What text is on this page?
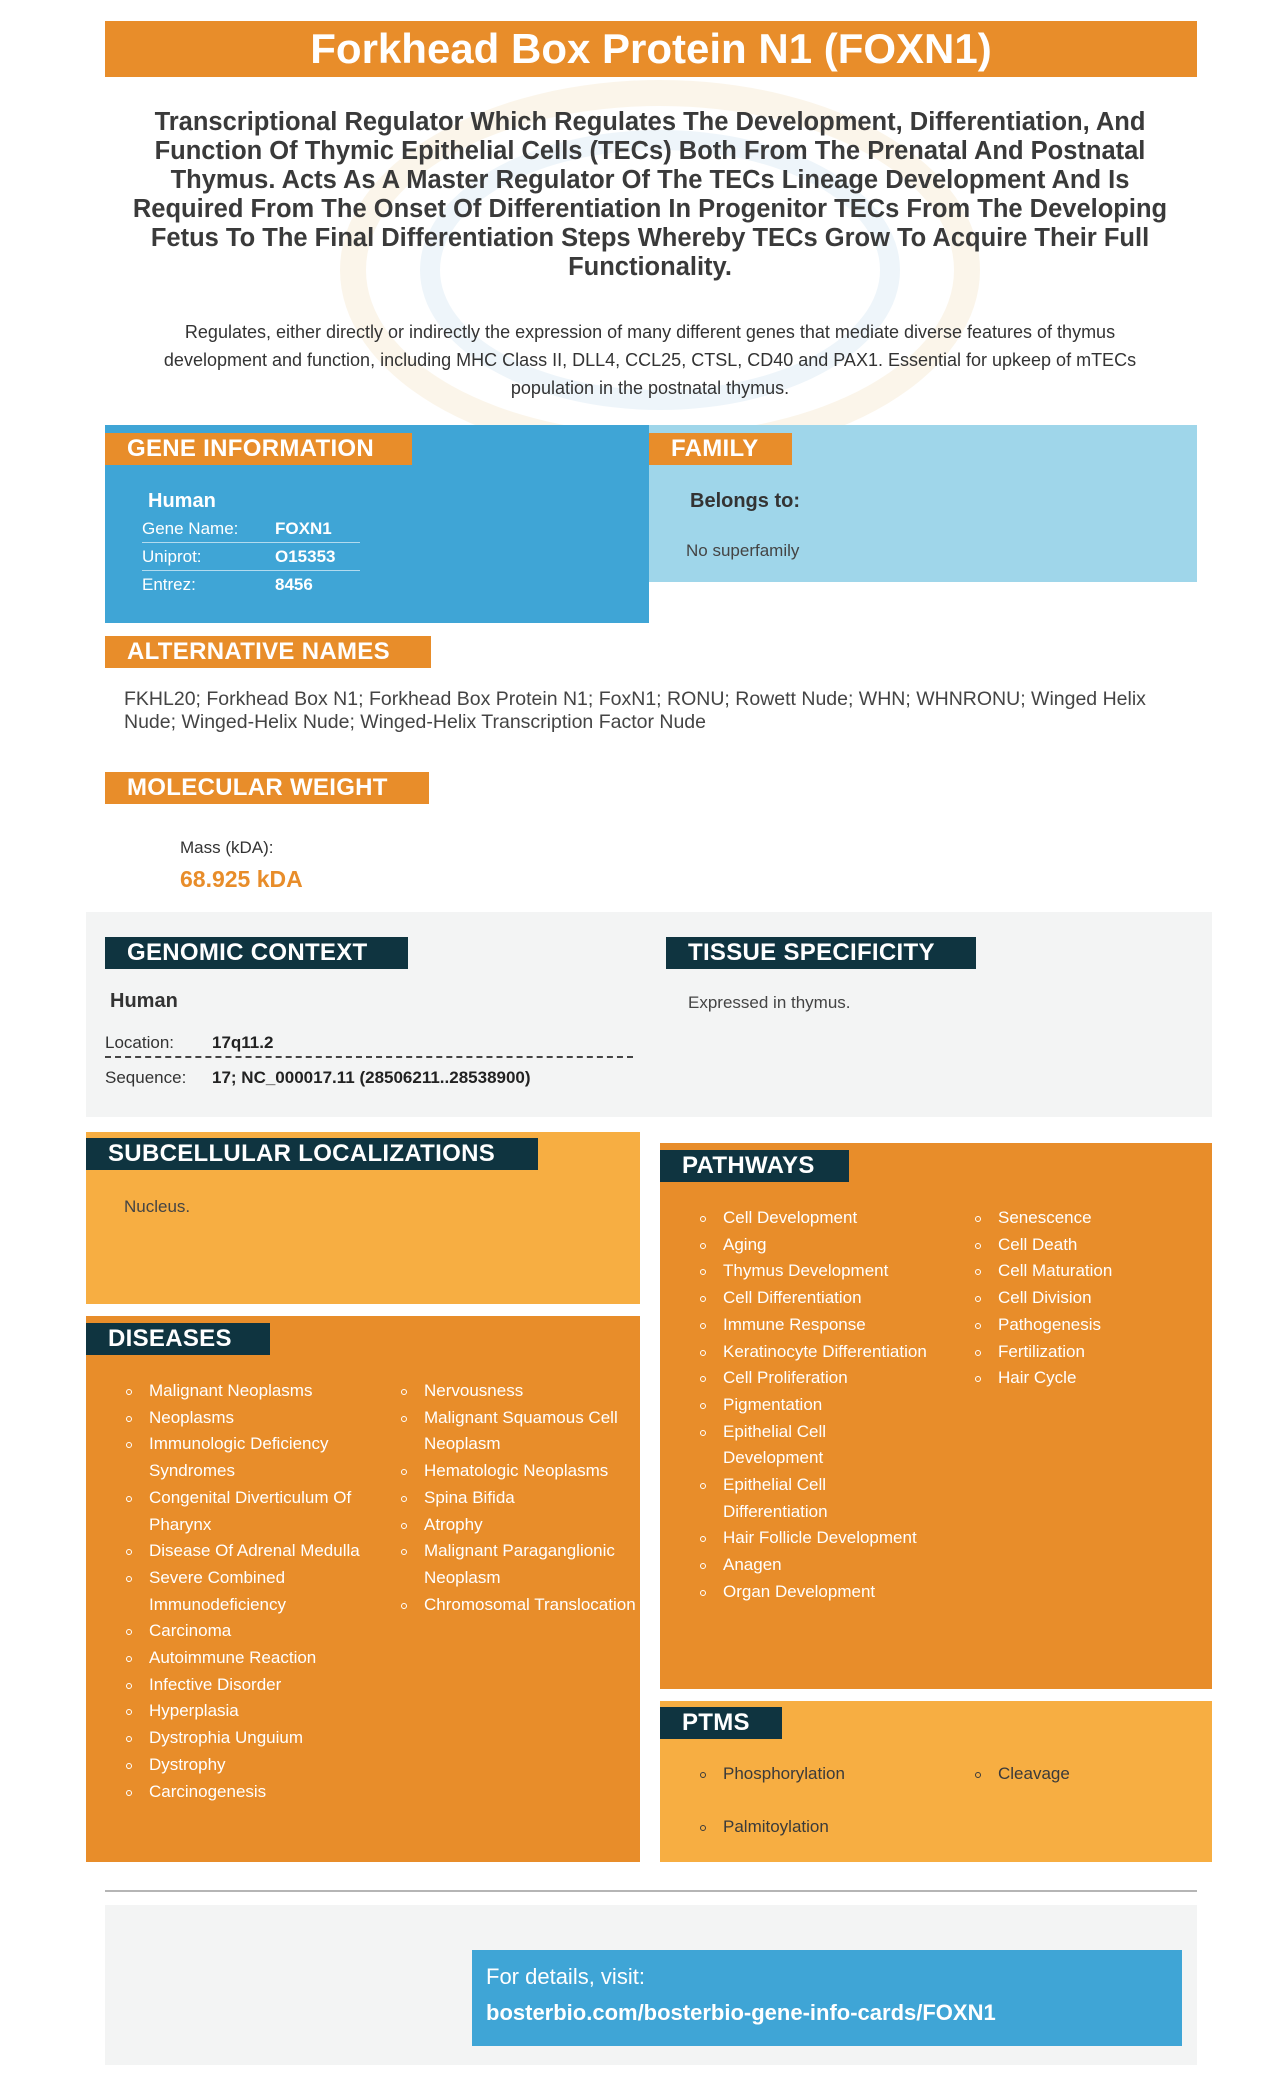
Forkhead Box Protein N1 (FOXN1)
Transcriptional Regulator Which Regulates The Development, Differentiation, And Function Of Thymic Epithelial Cells (TECs) Both From The Prenatal And Postnatal Thymus. Acts As A Master Regulator Of The TECs Lineage Development And Is Required From The Onset Of Differentiation In Progenitor TECs From The Developing Fetus To The Final Differentiation Steps Whereby TECs Grow To Acquire Their Full Functionality.
Regulates, either directly or indirectly the expression of many different genes that mediate diverse features of thymus development and function, including MHC Class II, DLL4, CCL25, CTSL, CD40 and PAX1. Essential for upkeep of mTECs population in the postnatal thymus.
GENE INFORMATION
Human
Gene Name: FOXN1
Uniprot:	O15353
Entrez:	8456
FAMILY
Belongs to:
No superfamily
ALTERNATIVE NAMES
FKHL20; Forkhead Box N1; Forkhead Box Protein N1; FoxN1; RONU; Rowett Nude; WHN; WHNRONU; Winged Helix Nude; Winged-Helix Nude; Winged-Helix Transcription Factor Nude
MOLECULAR WEIGHT
Mass (kDA):
68.925 kDA
GENOMIC CONTEXT
Human
Location: 17q11.2
Sequence: 17; NC_000017.11 (28506211..28538900)
TISSUE SPECIFICITY
Expressed in thymus.
SUBCELLULAR LOCALIZATIONS
Nucleus.
DISEASES
Malignant Neoplasms
Neoplasms
Immunologic Deficiency Syndromes
Congenital Diverticulum Of Pharynx
Disease Of Adrenal Medulla
Severe Combined Immunodeficiency
Carcinoma
Autoimmune Reaction
Infective Disorder
Hyperplasia
Dystrophia Unguium
Dystrophy
Carcinogenesis
Nervousness
Malignant Squamous Cell Neoplasm
Hematologic Neoplasms
Spina Bifida
Atrophy
Malignant Paraganglionic Neoplasm
Chromosomal Translocation
PATHWAYS
Cell Development
Aging
Thymus Development
Cell Differentiation
Immune Response
Keratinocyte Differentiation
Cell Proliferation
Pigmentation
Epithelial Cell Development
Epithelial Cell Differentiation
Hair Follicle Development
Anagen
Organ Development
Senescence
Cell Death
Cell Maturation
Cell Division
Pathogenesis
Fertilization
Hair Cycle
PTMS
Phosphorylation	Cleavage
Palmitoylation
For details, visit:
bosterbio.com/bosterbio-gene-info-cards/FOXN1
